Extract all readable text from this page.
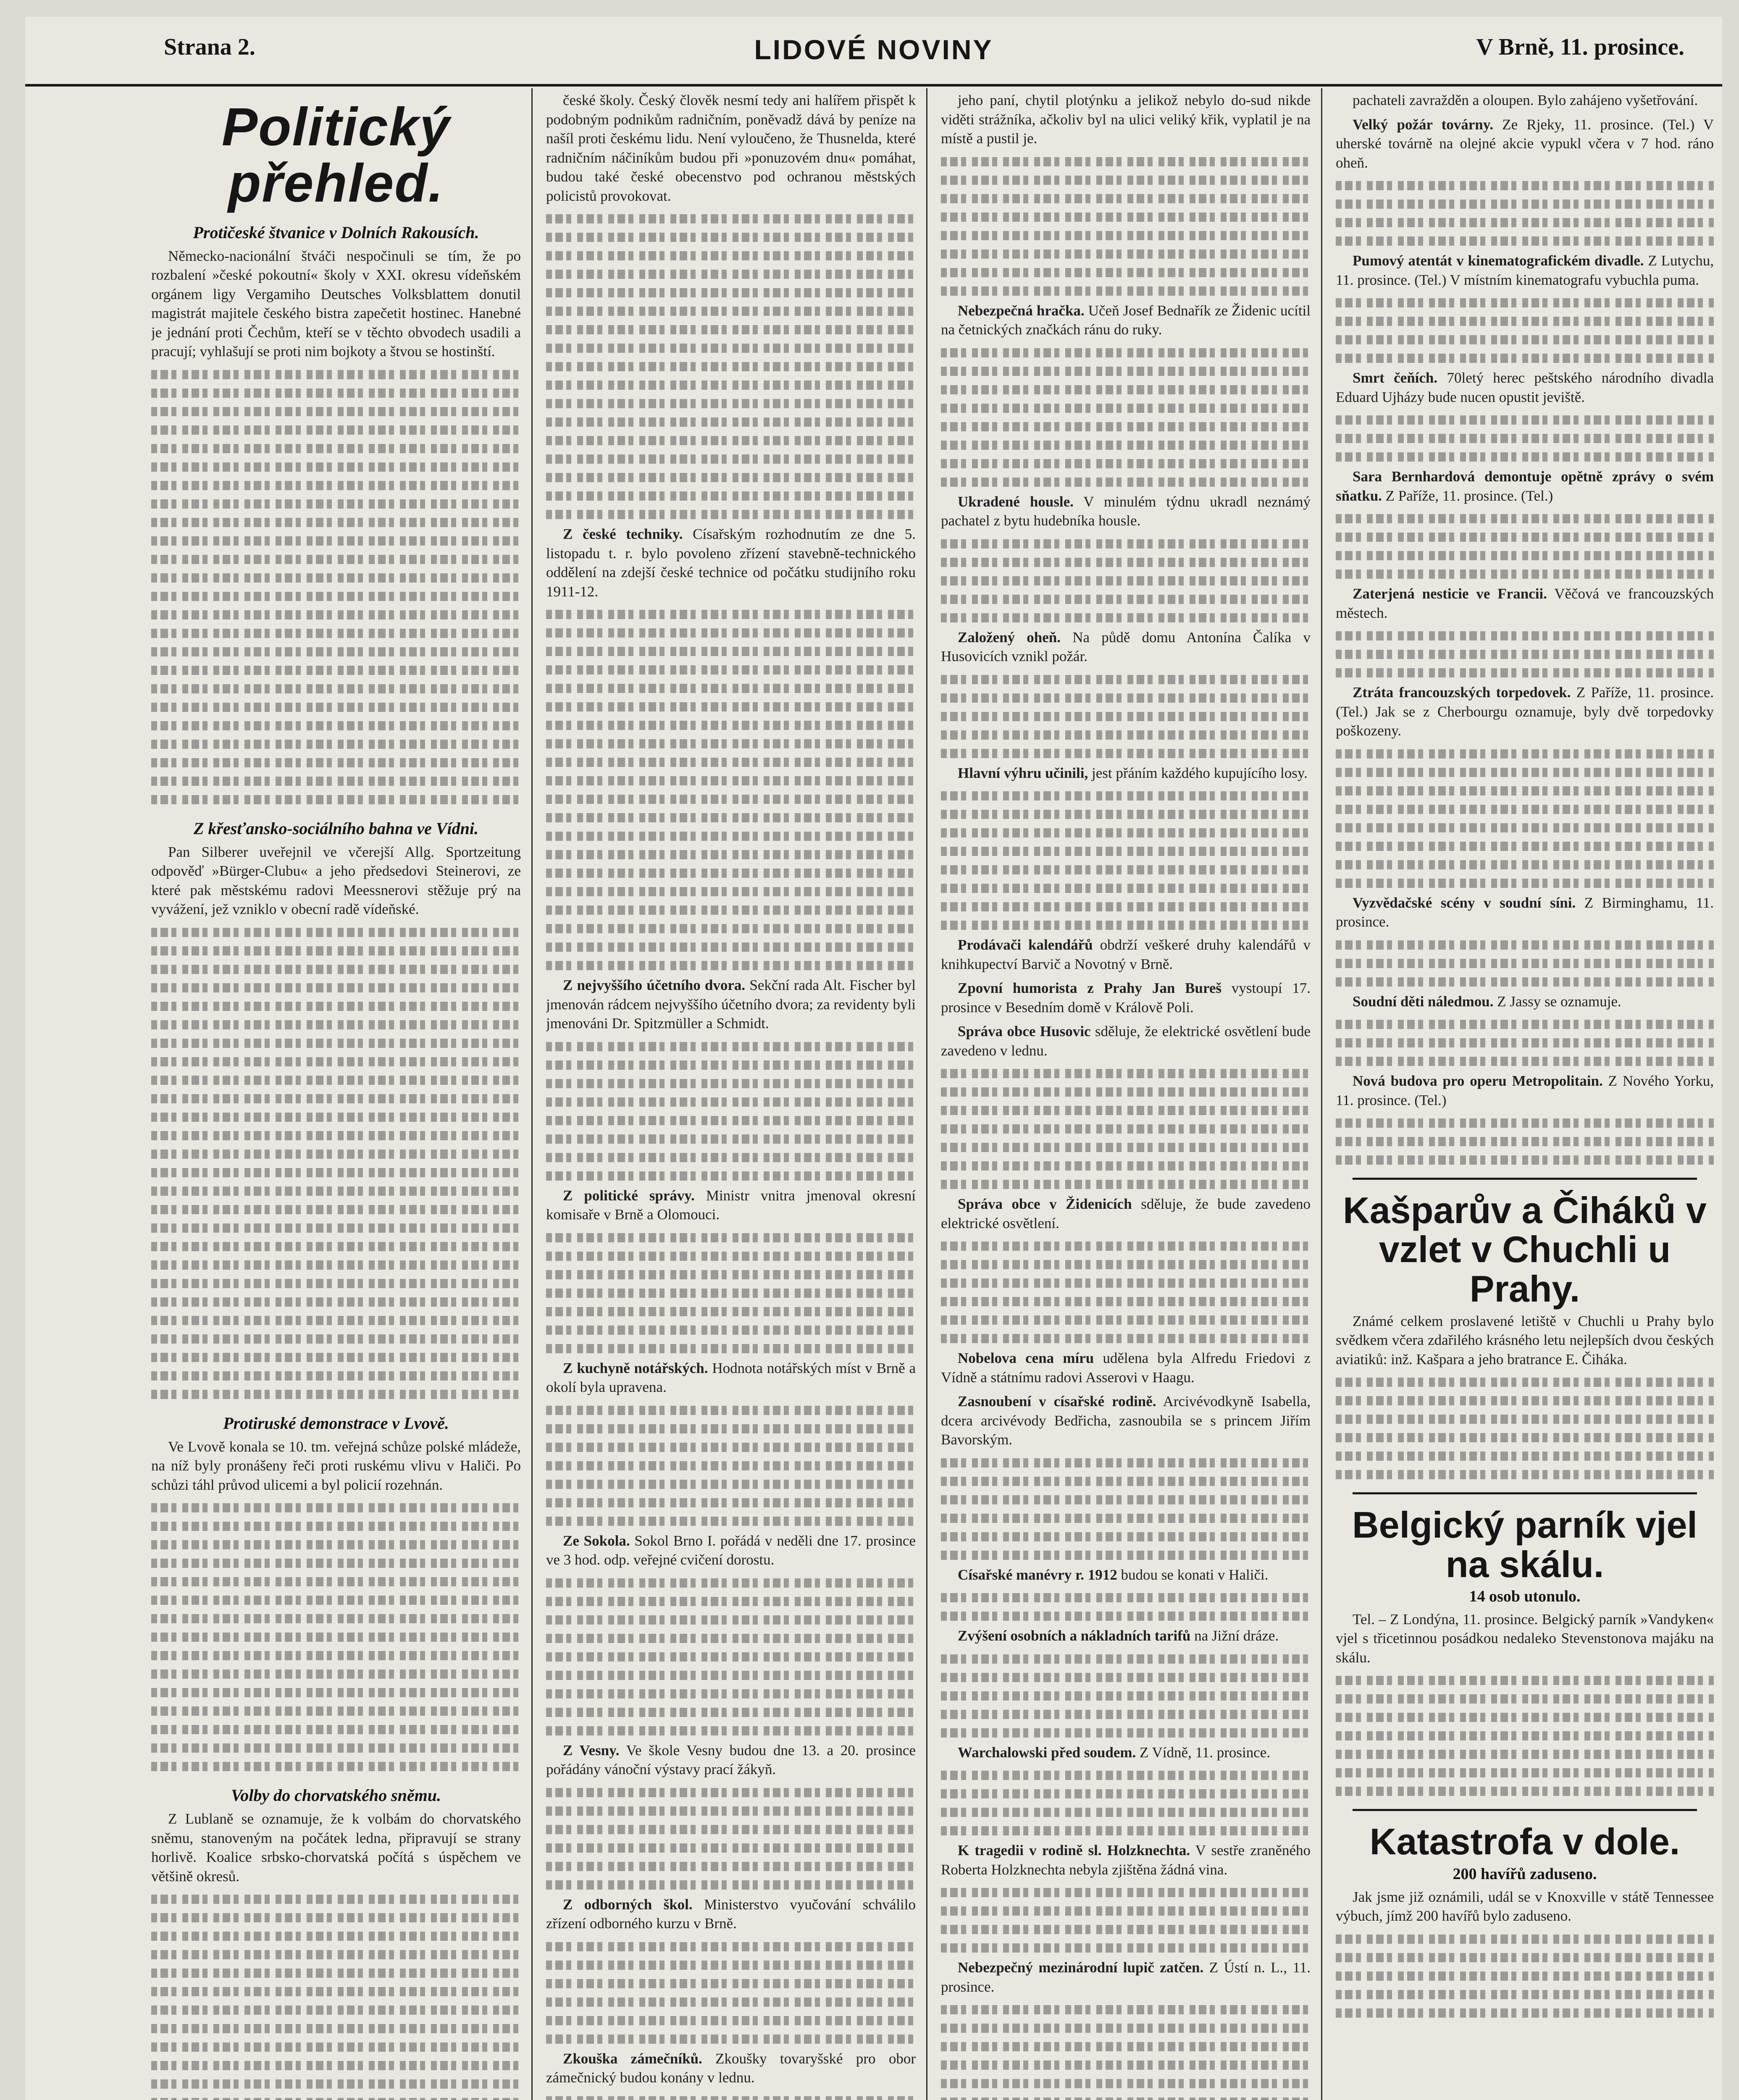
Strana 2.	LIDOVÉ NOVINY	V Brně, 11. prosince.
Politický přehled.
Protičeské štvanice v Dolních Rakousích.

Německo-nacionální štváči nespočinuli se tím, že po rozbalení »české pokoutní« školy v XXI. okresu vídeňském orgánem ligy Vergamiho Deutsches Volksblattem donutil magistrát majitele českého bistra zapečetit hostinec. Hanebné je jednání proti Čechům, kteří se v těchto obvodech usadili a pracují; vyhlašují se proti nim bojkoty a štvou se hostinští.

Z křesťansko-sociálního bahna ve Vídni.

Pan Silberer uveřejnil ve včerejší Allg. Sportzeitung odpověď »Bürger-Clubu« a jeho předsedovi Steinerovi, ze které pak městskému radovi Meessnerovi stěžuje prý na vyvážení, jež vzniklo v obecní radě vídeňské.

Protiruské demonstrace v Lvově.

Ve Lvově konala se 10. tm. veřejná schůze polské mládeže, na níž byly pronášeny řeči proti ruskému vlivu v Haliči. Po schůzi táhl průvod ulicemi a byl policií rozehnán.

Volby do chorvatského sněmu.

Z Lublaně se oznamuje, že k volbám do chorvatského sněmu, stanoveným na počátek ledna, připravují se strany horlivě. Koalice srbsko-chorvatská počítá s úspěchem ve většině okresů.

české školy. Český člověk nesmí tedy ani halířem přispět k podobným podnikům radničním, poněvadž dává by peníze na našíl proti českému lidu. Není vyloučeno, že Thusnelda, které radničním náčiníkům budou při »ponuzovém dnu« pomáhat, budou také české obecenstvo pod ochranou městských policistů provokovat.

Z české techniky. Císařským rozhodnutím ze dne 5. listopadu t. r. bylo povoleno zřízení stavebně-technického oddělení na zdejší české technice od počátku studijního roku 1911-12.

Z nejvyššího účetního dvora. Sekční rada Alt. Fischer byl jmenován rádcem nejvyššího účetního dvora; za revidenty byli jmenováni Dr. Spitzmüller a Schmidt.

Z politické správy. Ministr vnitra jmenoval okresní komisaře v Brně a Olomouci.

Z kuchyně notářských. Hodnota notářských míst v Brně a okolí byla upravena.

Ze Sokola. Sokol Brno I. pořádá v neděli dne 17. prosince ve 3 hod. odp. veřejné cvičení dorostu.

Z Vesny. Ve škole Vesny budou dne 13. a 20. prosince pořádány vánoční výstavy prací žákyň.

Z odborných škol. Ministerstvo vyučování schválilo zřízení odborného kurzu v Brně.

Zkouška zámečníků. Zkoušky tovaryšské pro obor zámečnický budou konány v lednu.

jeho paní, chytil plotýnku a jelikož nebylo do-sud nikde viděti strážníka, ačkoliv byl na ulici veliký křik, vyplatil je na místě a pustil je.

Nebezpečná hračka. Učeň Josef Bednařík ze Židenic ucítil na četnických značkách ránu do ruky.

Ukradené housle. V minulém týdnu ukradl neznámý pachatel z bytu hudebníka housle.

Založený oheň. Na půdě domu Antonína Čalíka v Husovicích vznikl požár.

Hlavní výhru učinili, jest přáním každého kupujícího losy.

Prodávači kalendářů obdrží veškeré druhy kalendářů v knihkupectví Barvič a Novotný v Brně.

Zpovní humorista z Prahy Jan Bureš vystoupí 17. prosince v Besedním domě v Králově Poli.

Správa obce Husovic sděluje, že elektrické osvětlení bude zavedeno v lednu.

Správa obce v Židenicích sděluje, že bude zavedeno elektrické osvětlení.

Nobelova cena míru udělena byla Alfredu Friedovi z Vídně a státnímu radovi Asserovi v Haagu.

Zasnoubení v císařské rodině. Arcivévodkyně Isabella, dcera arcivévody Bedřicha, zasnoubila se s princem Jiřím Bavorským.

Císařské manévry r. 1912 budou se konati v Haliči.

Zvýšení osobních a nákladních tarifů na Jižní dráze.

Warchalowski před soudem. Z Vídně, 11. prosince.

K tragedii v rodině sl. Holzknechta. V sestře zraněného Roberta Holzknechta nebyla zjištěna žádná vina.

Nebezpečný mezinárodní lupič zatčen. Z Ústí n. L., 11. prosince.

pachateli zavražděn a oloupen. Bylo zahájeno vyšetřování.

Velký požár továrny. Ze Rjeky, 11. prosince. (Tel.) V uherské továrně na olejné akcie vypukl včera v 7 hod. ráno oheň.

Pumový atentát v kinematografickém divadle. Z Lutychu, 11. prosince. (Tel.) V místním kinematografu vybuchla puma.

Smrt čeňích. 70letý herec peštského národního divadla Eduard Ujházy bude nucen opustit jeviště.

Sara Bernhardová demontuje opětně zprávy o svém sňatku. Z Paříže, 11. prosince. (Tel.)

Zaterjená nesticie ve Francii. Věčová ve francouzských městech.

Ztráta francouzských torpedovek. Z Paříže, 11. prosince. (Tel.) Jak se z Cherbourgu oznamuje, byly dvě torpedovky poškozeny.

Vyzvědačské scény v soudní síni. Z Birminghamu, 11. prosince.

Soudní děti náledmou. Z Jassy se oznamuje.

Nová budova pro operu Metropolitain. Z Nového Yorku, 11. prosince. (Tel.)

Kašparův a Čiháků v vzlet v Chuchli u Prahy.

Známé celkem proslavené letiště v Chuchli u Prahy bylo svědkem včera zdařilého krásného letu nejlepších dvou českých aviatiků: inž. Kašpara a jeho bratrance E. Čiháka.

Belgický parník vjel na skálu.
14 osob utonulo.

Tel. – Z Londýna, 11. prosince. Belgický parník »Vandyken« vjel s třicetinnou posádkou nedaleko Stevenstonova majáku na skálu.

Katastrofa v dole.
200 havířů zaduseno.

Jak jsme již oznámili, udál se v Knoxville v státě Tennessee výbuch, jímž 200 havířů bylo zaduseno.
